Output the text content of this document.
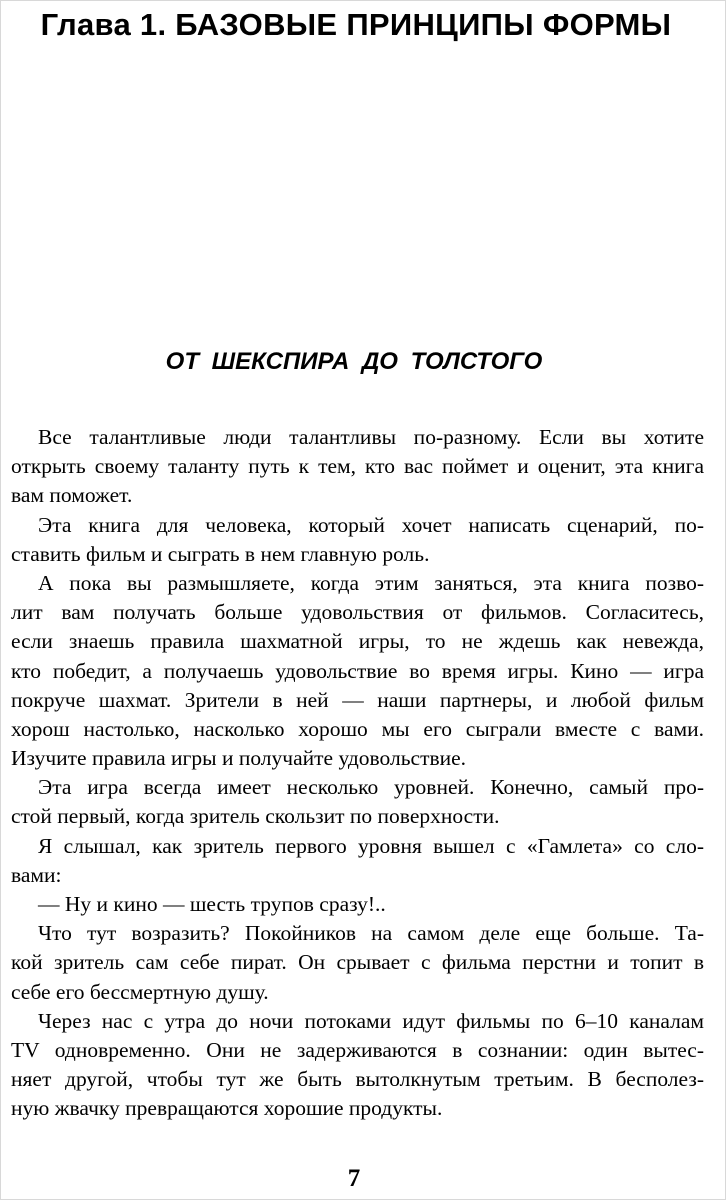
Глава 1. БАЗОВЫЕ ПРИНЦИПЫ ФОРМЫ
ОТ ШЕКСПИРА ДО ТОЛСТОГО
Все талантливые люди талантливы по-разному. Если вы хотите
открыть своему таланту путь к тем, кто вас поймет и оценит, эта книга
вам поможет.
Эта книга для человека, который хочет написать сценарий, по-
ставить фильм и сыграть в нем главную роль.
А пока вы размышляете, когда этим заняться, эта книга позво-
лит вам получать больше удовольствия от фильмов. Согласитесь,
если знаешь правила шахматной игры, то не ждешь как невежда,
кто победит, а получаешь удовольствие во время игры. Кино — игра
покруче шахмат. Зрители в ней — наши партнеры, и любой фильм
хорош настолько, насколько хорошо мы его сыграли вместе с вами.
Изучите правила игры и получайте удовольствие.
Эта игра всегда имеет несколько уровней. Конечно, самый про-
стой первый, когда зритель скользит по поверхности.
Я слышал, как зритель первого уровня вышел с «Гамлета» со сло-
вами:
— Ну и кино — шесть трупов сразу!..
Что тут возразить? Покойников на самом деле еще больше. Та-
кой зритель сам себе пират. Он срывает с фильма перстни и топит в
себе его бессмертную душу.
Через нас с утра до ночи потоками идут фильмы по 6–10 каналам
TV одновременно. Они не задерживаются в сознании: один вытес-
няет другой, чтобы тут же быть вытолкнутым третьим. В бесполез-
ную жвачку превращаются хорошие продукты.
7
